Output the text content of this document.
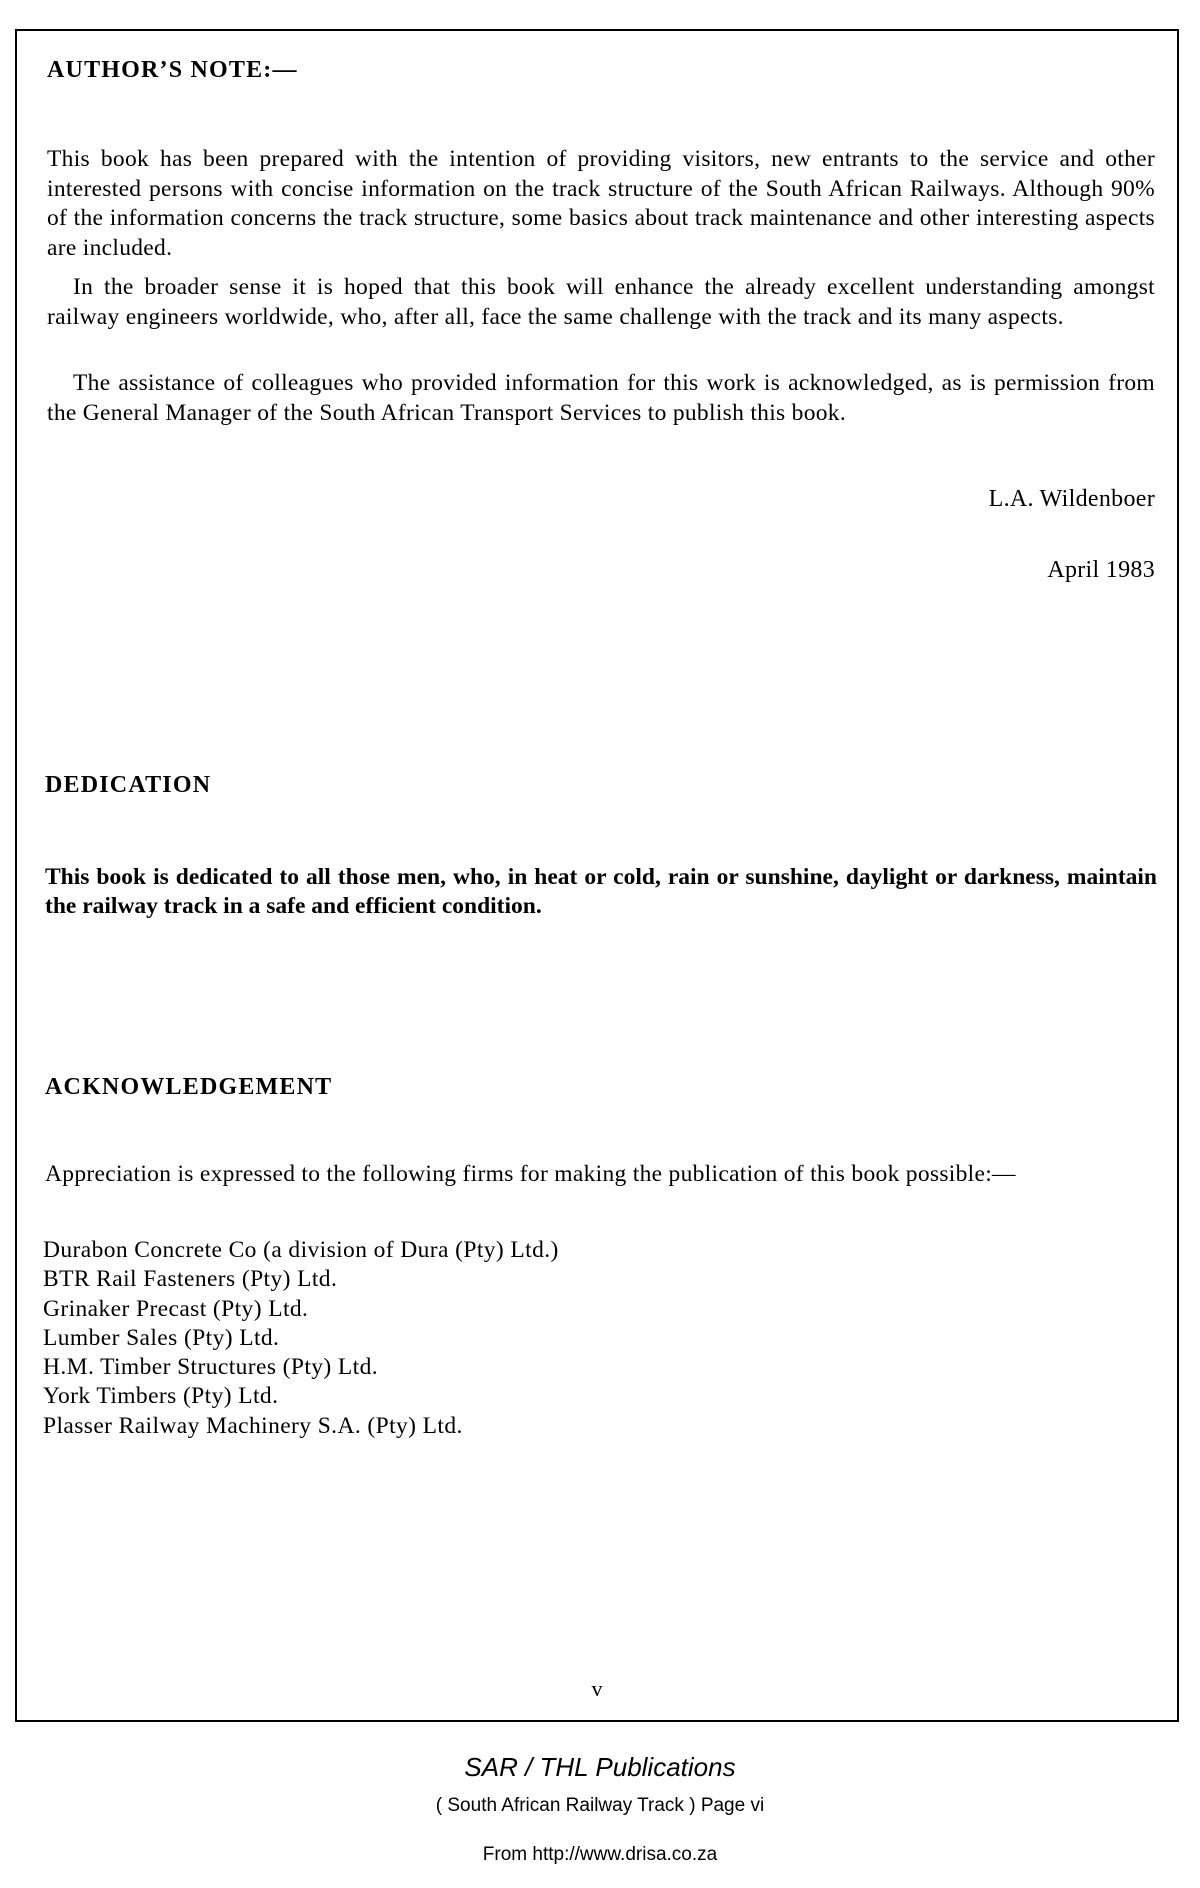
AUTHOR’S NOTE:—
This book has been prepared with the intention of providing visitors, new entrants to the service and other interested persons with concise information on the track structure of the South African Railways. Although 90% of the information concerns the track structure, some basics about track maintenance and other interesting aspects are included.
In the broader sense it is hoped that this book will enhance the already excellent understanding amongst railway engineers worldwide, who, after all, face the same challenge with the track and its many aspects.
The assistance of colleagues who provided information for this work is acknowledged, as is permission from the General Manager of the South African Transport Services to publish this book.
L.A. Wildenboer
April 1983
DEDICATION
This book is dedicated to all those men, who, in heat or cold, rain or sunshine, daylight or darkness, maintain the railway track in a safe and efficient condition.
ACKNOWLEDGEMENT
Appreciation is expressed to the following firms for making the publication of this book possible:—
Durabon Concrete Co (a division of Dura (Pty) Ltd.)
BTR Rail Fasteners (Pty) Ltd.
Grinaker Precast (Pty) Ltd.
Lumber Sales (Pty) Ltd.
H.M. Timber Structures (Pty) Ltd.
York Timbers (Pty) Ltd.
Plasser Railway Machinery S.A. (Pty) Ltd.
v
SAR / THL Publications
( South African Railway Track ) Page vi
From http://www.drisa.co.za
